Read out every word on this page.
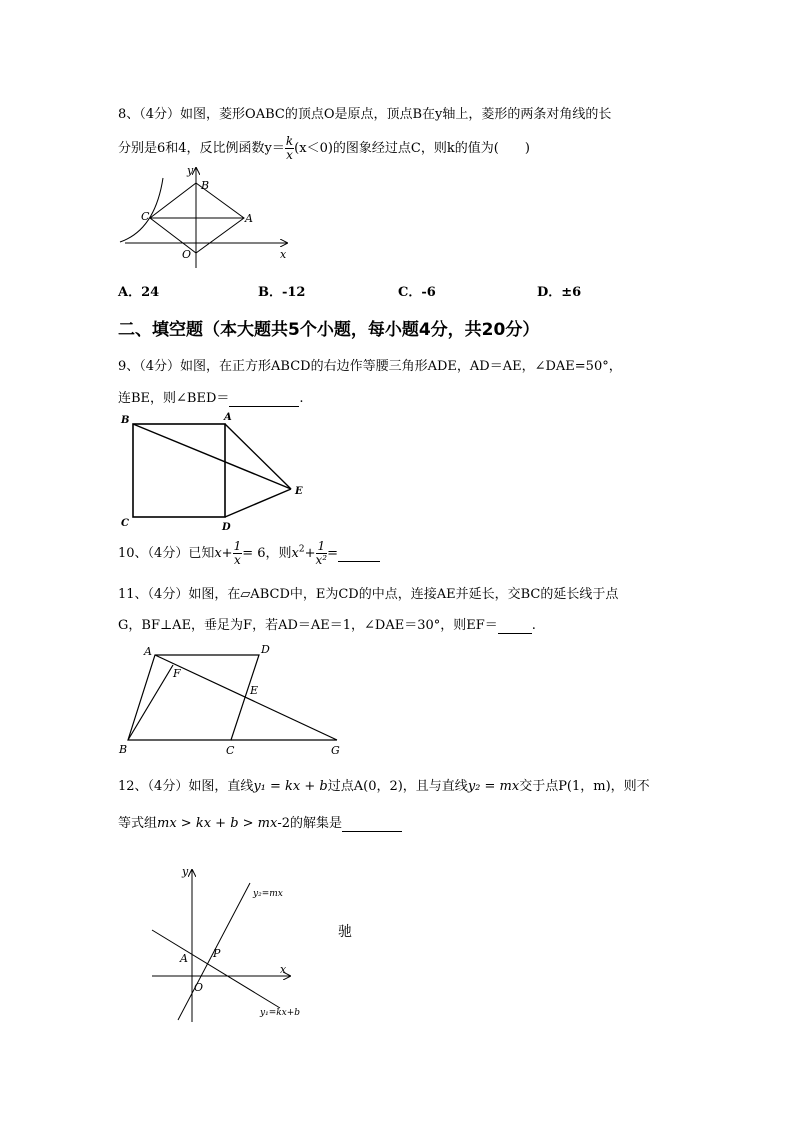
8、（4分）如图，菱形OABC的顶点O是原点，顶点B在y轴上，菱形的两条对角线的长
分别是6和4，反比例函数$y= \frac{k}{x} (x<0)$的图象经过点C，则k的值为(　　)
y
x
B
C	A
O
A．24	B．-12	C．-6	D．±6
二、填空题（本大题共5个小题，每小题4分，共20分）
9、（4分）如图，在正方形ABCD的右边作等腰三角形ADE，AD＝AE，∠DAE=50°，
连BE，则∠BED＝	.
B	A
C	D
E
10、（4分）已知$x+ \frac{1}{x} = 6$，则$x^2+ \frac{1}{\text{x²}}$ =
11、（4分）如图，在▱ABCD中，E为CD的中点，连接AE并延长，交BC的延长线于点
G，BF⊥AE，垂足为F，若AD＝AE＝1，∠DAE＝30°，则EF＝	.
A	D
F
E
B	C	G
12、（4分）如图，直线y₁ = kx + b过点A(0，2)，且与直线y₂ = mx交于点P(1，m)，则不
等式组mx > kx + b > mx-2的解集是
y
x
A P
O
y₂=mx
y₁=kx+b
驰
